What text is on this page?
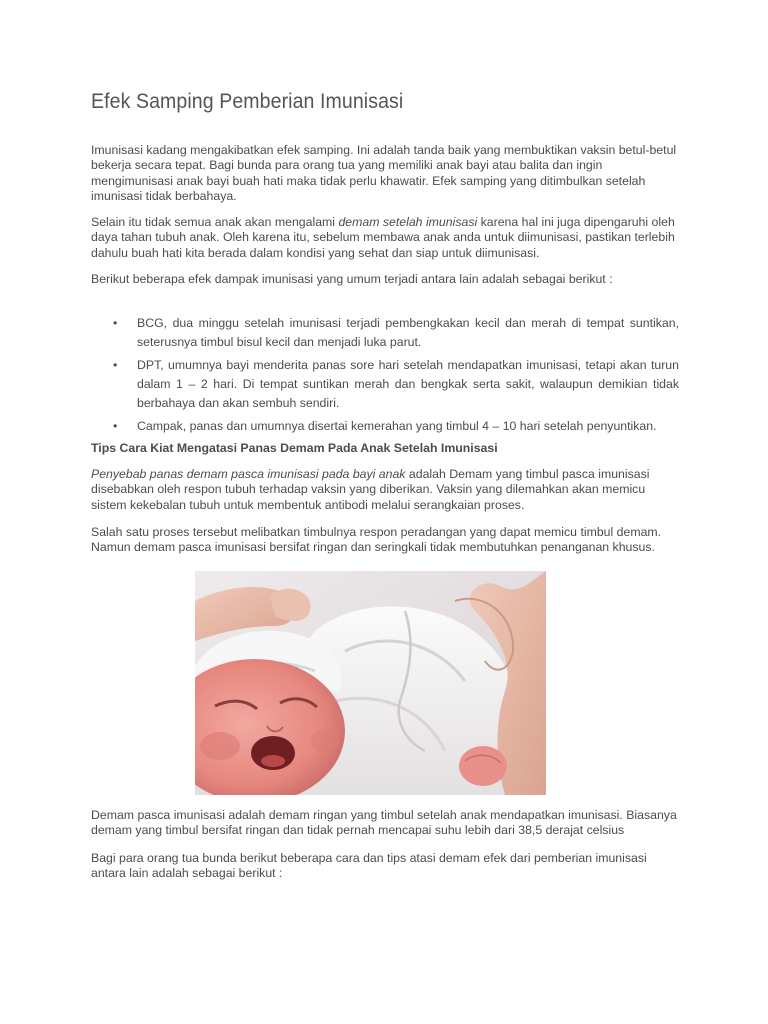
Efek Samping Pemberian Imunisasi

Imunisasi kadang mengakibatkan efek samping. Ini adalah tanda baik yang membuktikan vaksin betul-betul bekerja secara tepat. Bagi bunda para orang tua yang memiliki anak bayi atau balita dan ingin mengimunisasi anak bayi buah hati maka tidak perlu khawatir. Efek samping yang ditimbulkan setelah imunisasi tidak berbahaya.

Selain itu tidak semua anak akan mengalami demam setelah imunisasi karena hal ini juga dipengaruhi oleh daya tahan tubuh anak. Oleh karena itu, sebelum membawa anak anda untuk diimunisasi, pastikan terlebih dahulu buah hati kita berada dalam kondisi yang sehat dan siap untuk diimunisasi.

Berikut beberapa efek dampak imunisasi yang umum terjadi antara lain adalah sebagai berikut :

• BCG, dua minggu setelah imunisasi terjadi pembengkakan kecil dan merah di tempat suntikan, seterusnya timbul bisul kecil dan menjadi luka parut.
• DPT, umumnya bayi menderita panas sore hari setelah mendapatkan imunisasi, tetapi akan turun dalam 1 – 2 hari. Di tempat suntikan merah dan bengkak serta sakit, walaupun demikian tidak berbahaya dan akan sembuh sendiri.
• Campak, panas dan umumnya disertai kemerahan yang timbul 4 – 10 hari setelah penyuntikan.

Tips Cara Kiat Mengatasi Panas Demam Pada Anak Setelah Imunisasi

Penyebab panas demam pasca imunisasi pada bayi anak adalah Demam yang timbul pasca imunisasi disebabkan oleh respon tubuh terhadap vaksin yang diberikan. Vaksin yang dilemahkan akan memicu sistem kekebalan tubuh untuk membentuk antibodi melalui serangkaian proses.

Salah satu proses tersebut melibatkan timbulnya respon peradangan yang dapat memicu timbul demam. Namun demam pasca imunisasi bersifat ringan dan seringkali tidak membutuhkan penanganan khusus.

Demam pasca imunisasi adalah demam ringan yang timbul setelah anak mendapatkan imunisasi. Biasanya demam yang timbul bersifat ringan dan tidak pernah mencapai suhu lebih dari 38,5 derajat celsius

Bagi para orang tua bunda berikut beberapa cara dan tips atasi demam efek dari pemberian imunisasi antara lain adalah sebagai berikut :
